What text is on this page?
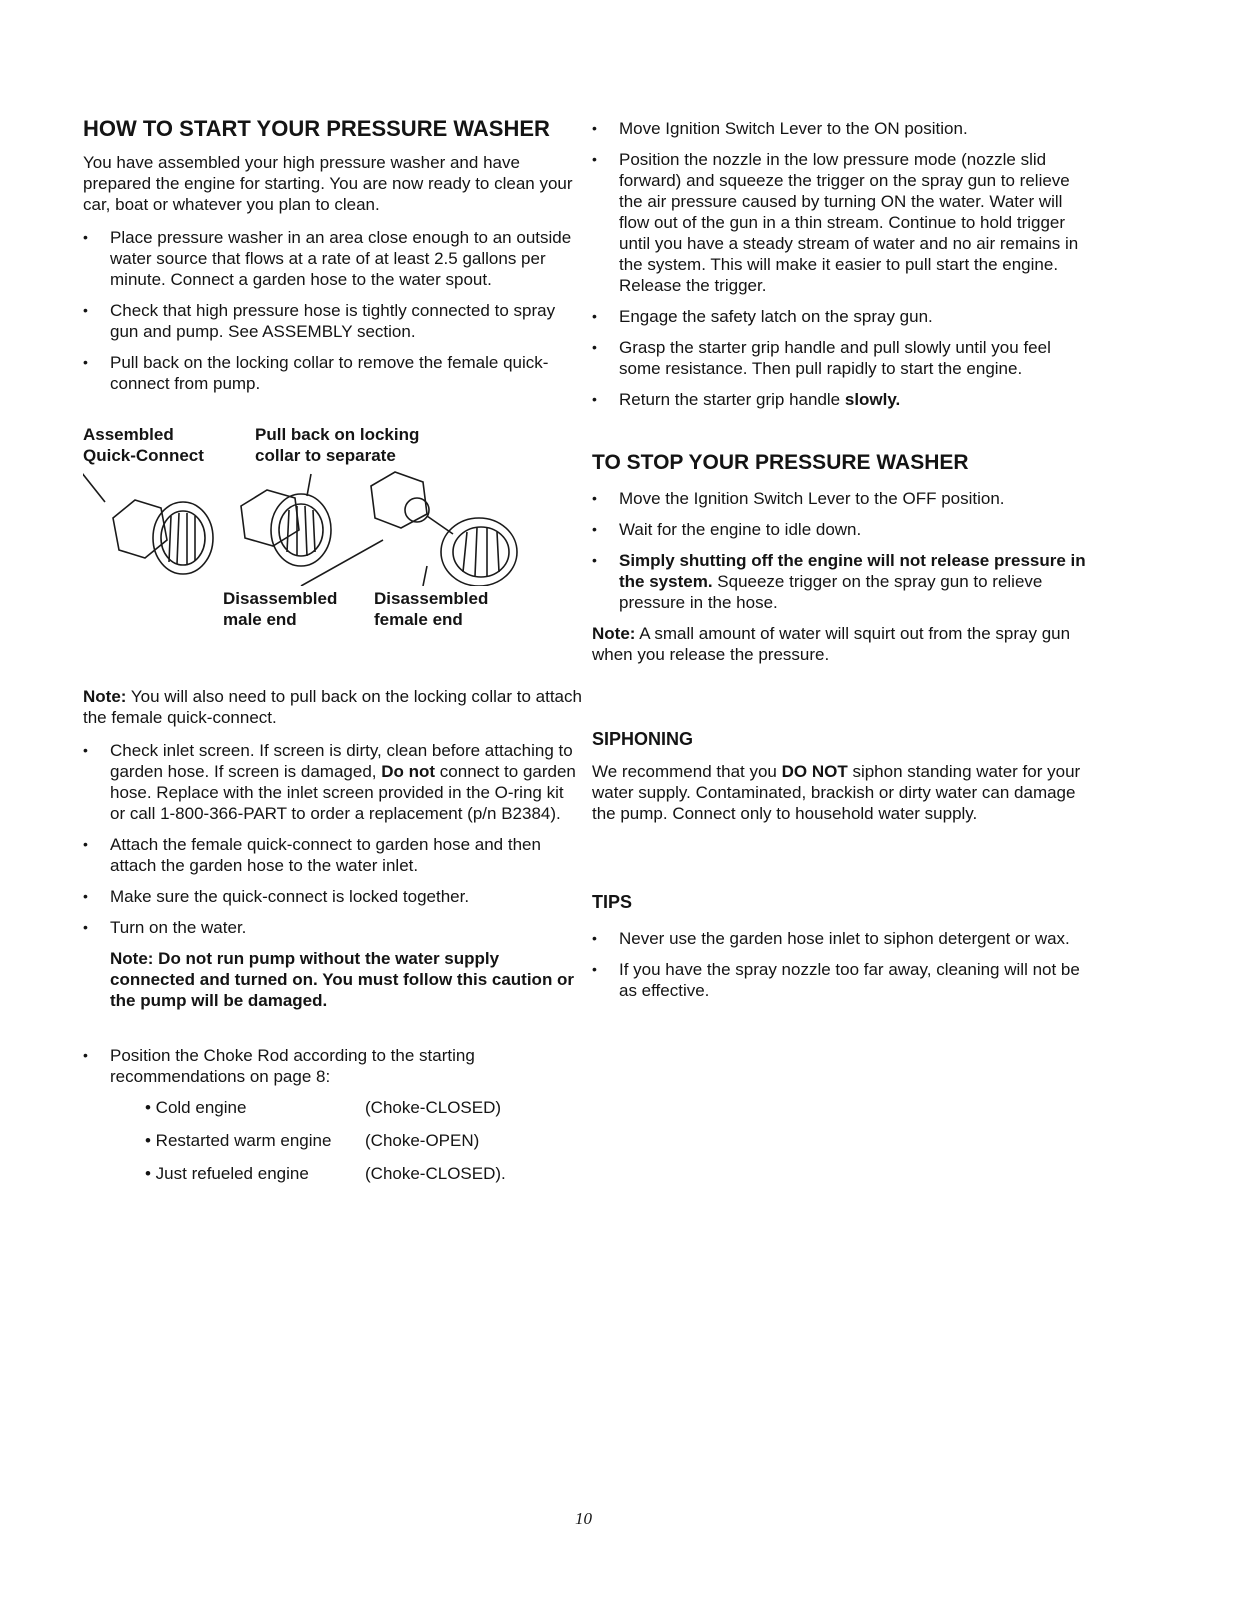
HOW TO START YOUR PRESSURE WASHER

You have assembled your high pressure washer and have prepared the engine for starting. You are now ready to clean your car, boat or whatever you plan to clean.

• Place pressure washer in an area close enough to an outside water source that flows at a rate of at least 2.5 gallons per minute. Connect a garden hose to the water spout.
• Check that high pressure hose is tightly connected to spray gun and pump. See ASSEMBLY section.
• Pull back on the locking collar to remove the female quick-connect from pump.
Assembled
Quick-Connect
Pull back on locking
collar to separate
Disassembled
male end
Disassembled
female end

Note: You will also need to pull back on the locking collar to attach the female quick-connect.

• Check inlet screen. If screen is dirty, clean before attaching to garden hose. If screen is damaged, Do not connect to garden hose. Replace with the inlet screen provided in the O-ring kit or call 1-800-366-PART to order a replacement (p/n B2384).
• Attach the female quick-connect to garden hose and then attach the garden hose to the water inlet.
• Make sure the quick-connect is locked together.
• Turn on the water.

Note: Do not run pump without the water supply connected and turned on. You must follow this caution or the pump will be damaged.

• Position the Choke Rod according to the starting recommendations on page 8:
• Cold engine	(Choke-CLOSED)
• Restarted warm engine	(Choke-OPEN)
• Just refueled engine	(Choke-CLOSED).
• Move Ignition Switch Lever to the ON position.
• Position the nozzle in the low pressure mode (nozzle slid forward) and squeeze the trigger on the spray gun to relieve the air pressure caused by turning ON the water. Water will flow out of the gun in a thin stream. Continue to hold trigger until you have a steady stream of water and no air remains in the system. This will make it easier to pull start the engine. Release the trigger.
• Engage the safety latch on the spray gun.
• Grasp the starter grip handle and pull slowly until you feel some resistance. Then pull rapidly to start the engine.
• Return the starter grip handle slowly.
TO STOP YOUR PRESSURE WASHER
• Move the Ignition Switch Lever to the OFF position.
• Wait for the engine to idle down.
• Simply shutting off the engine will not release pressure in the system. Squeeze trigger on the spray gun to relieve pressure in the hose.

Note: A small amount of water will squirt out from the spray gun when you release the pressure.

SIPHONING

We recommend that you DO NOT siphon standing water for your water supply. Contaminated, brackish or dirty water can damage the pump. Connect only to household water supply.

TIPS
• Never use the garden hose inlet to siphon detergent or wax.
• If you have the spray nozzle too far away, cleaning will not be as effective.
10
